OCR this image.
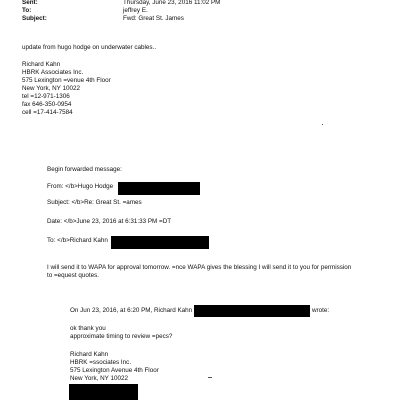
Sent:	Thursday, June 23, 2016 11:02 PM
To:	jeffrey E.
Subject:	Fwd: Great St. James
update from hugo hodge on underwater cables..
Richard Kahn
HBRK Associates Inc.
575 Lexington =venue 4th Floor
New York, NY 10022
tel =12-971-1306
fax 646-350-0954
cell =17-414-7584
Begin forwarded message:
From: </b>Hugo Hodge
Subject: </b>Re: Great St. =ames
Date: </b>June 23, 2016 at 6:31:33 PM =DT
To: </b>Richard Kahn
I will send it to WAPA for approval tomorrow. =nce WAPA gives the blessing I will send it to you for permission
to =equest quotes.
On Jun 23, 2016, at 6:20 PM, Richard Kahn	wrote:
ok thank you
approximate timing to review =pecs?
Richard Kahn
HBRK =ssociates Inc.
575 Lexington Avenue 4th Floor
New York, NY 10022
